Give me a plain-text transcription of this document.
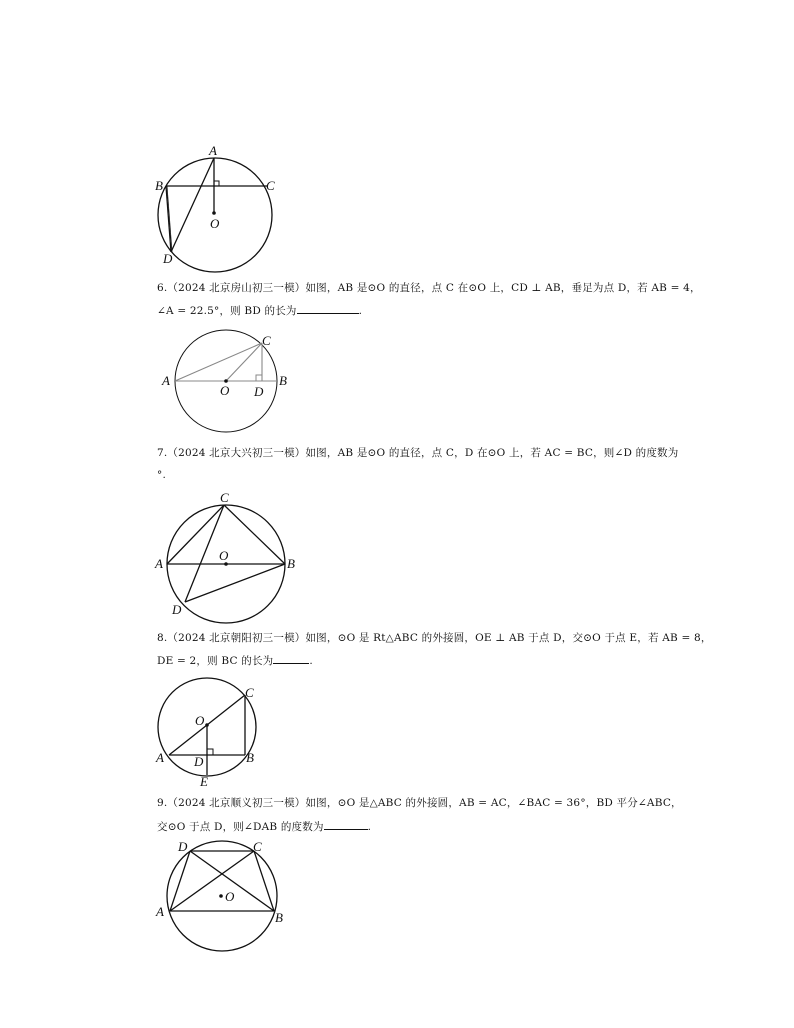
A
B	C
D
O
6.（2024 北京房山初三一模）如图，AB 是⊙O 的直径，点 C 在⊙O 上，CD ⊥ AB，垂足为点 D，若 AB = 4，
∠A = 22.5°，则 BD 的长为	.
A	B
C
D
O
7.（2024 北京大兴初三一模）如图，AB 是⊙O 的直径，点 C，D 在⊙O 上，若 AC = BC，则∠D 的度数为
°.
A	B
C
D
O
8.（2024 北京朝阳初三一模）如图，⊙O 是 Rt△ABC 的外接圆，OE ⊥ AB 于点 D，交⊙O 于点 E，若 AB = 8，
DE = 2，则 BC 的长为	.
A	B
C
D
E
O
9.（2024 北京顺义初三一模）如图，⊙O 是△ABC 的外接圆，AB = AC，∠BAC = 36°，BD 平分∠ABC，
交⊙O 于点 D，则∠DAB 的度数为	.
A	B
C
D
O
